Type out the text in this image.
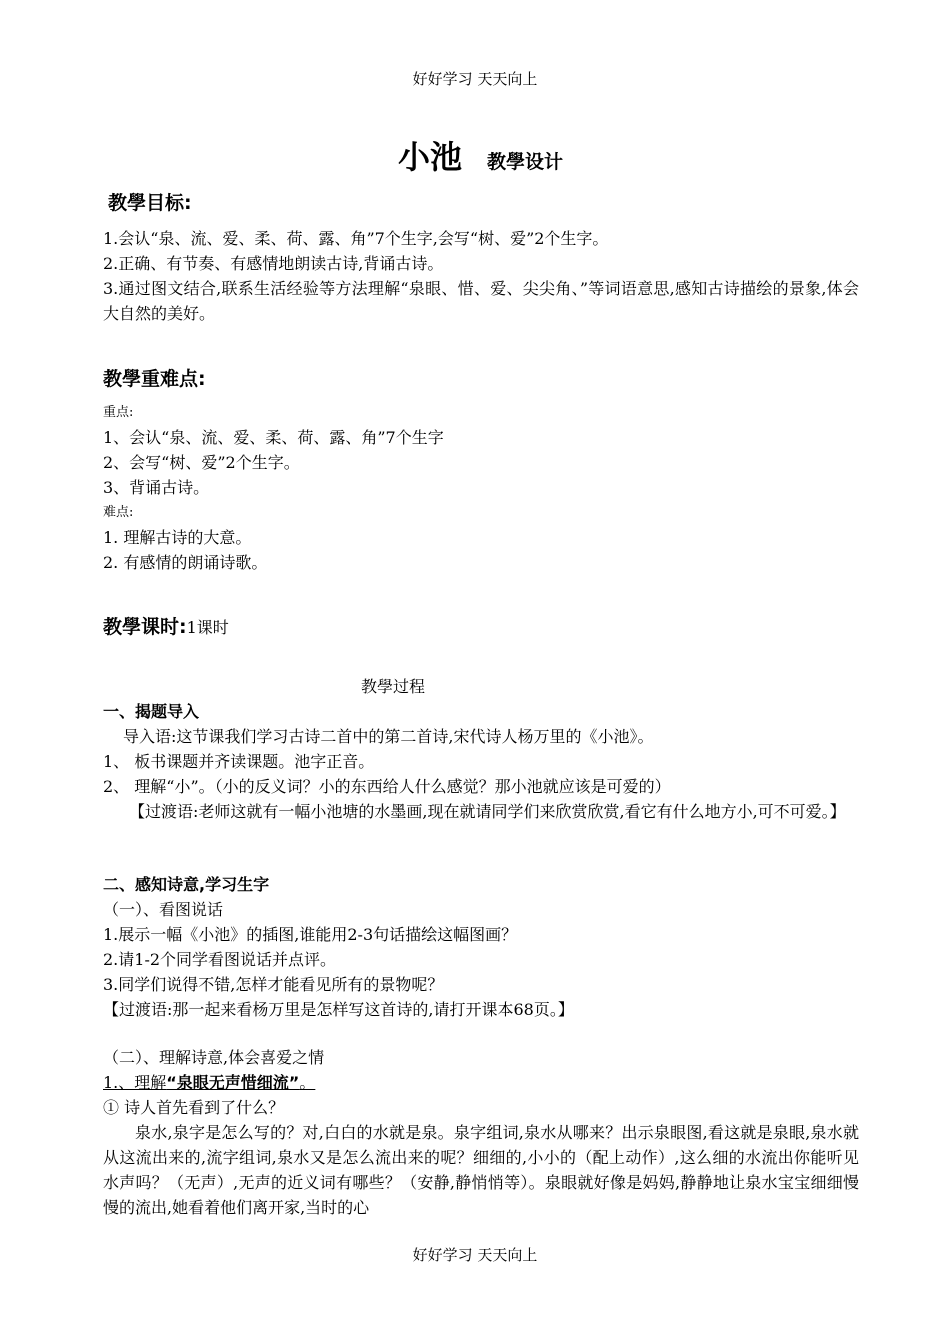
好好学习 天天向上
小池 教學设计
教學目标:
1.会认“泉、流、爱、柔、荷、露、角”7个生字,会写“树、爱”2个生字。
2.正确、有节奏、有感情地朗读古诗,背诵古诗。
3.通过图文结合,联系生活经验等方法理解“泉眼、惜、爱、尖尖角、”等词语意思,感知古诗描绘的景象,体会大自然的美好。
教學重难点:
重点:
1、会认“泉、流、爱、柔、荷、露、角”7个生字
2、会写“树、爱”2个生字。
3、背诵古诗。
难点:
1. 理解古诗的大意。
2. 有感情的朗诵诗歌。
教學课时:1课时
教學过程
一、揭题导入
导入语:这节课我们学习古诗二首中的第二首诗,宋代诗人杨万里的《小池》。
1、 板书课题并齐读课题。池字正音。
2、 理解“小”。（小的反义词？小的东西给人什么感觉？那小池就应该是可爱的）
【过渡语:老师这就有一幅小池塘的水墨画,现在就请同学们来欣赏欣赏,看它有什么地方小,可不可爱。】
二、感知诗意,学习生字
（一）、看图说话
1.展示一幅《小池》的插图,谁能用2-3句话描绘这幅图画？
2.请1-2个同学看图说话并点评。
3.同学们说得不错,怎样才能看见所有的景物呢？
【过渡语:那一起来看杨万里是怎样写这首诗的,请打开课本68页。】
（二）、理解诗意,体会喜爱之情
1.、理解“泉眼无声惜细流”。
① 诗人首先看到了什么？
泉水,泉字是怎么写的？对,白白的水就是泉。泉字组词,泉水从哪来？出示泉眼图,看这就是泉眼,泉水就从这流出来的,流字组词,泉水又是怎么流出来的呢？细细的,小小的（配上动作）,这么细的水流出你能听见水声吗？（无声）,无声的近义词有哪些？（安静,静悄悄等）。泉眼就好像是妈妈,静静地让泉水宝宝细细慢慢的流出,她看着他们离开家,当时的心
好好学习 天天向上
